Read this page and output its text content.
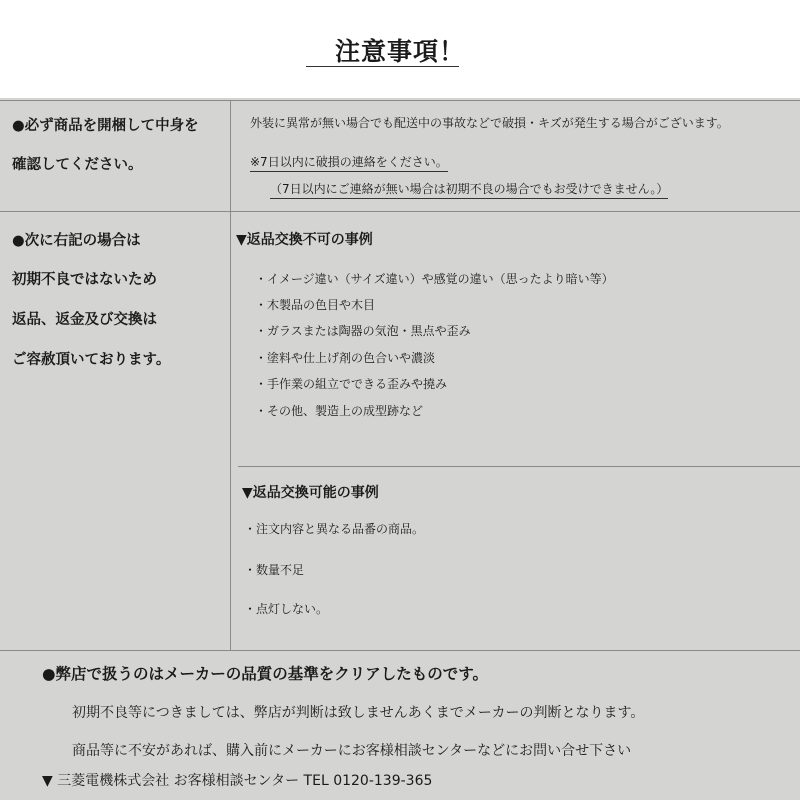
注意事項！
●必ず商品を開梱して中身を
確認してください。
外装に異常が無い場合でも配送中の事故などで破損・キズが発生する場合がございます。
※7日以内に破損の連絡をください。
（7日以内にご連絡が無い場合は初期不良の場合でもお受けできません。）
●次に右記の場合は
初期不良ではないため
返品、返金及び交換は
ご容赦頂いております。
▼返品交換不可の事例
・イメージ違い（サイズ違い）や感覚の違い（思ったより暗い等）
・木製品の色目や木目
・ガラスまたは陶器の気泡・黒点や歪み
・塗料や仕上げ剤の色合いや濃淡
・手作業の組立でできる歪みや撓み
・その他、製造上の成型跡など
▼返品交換可能の事例
・注文内容と異なる品番の商品。
・数量不足
・点灯しない。
●弊店で扱うのはメーカーの品質の基準をクリアしたものです。
初期不良等につきましては、弊店が判断は致しませんあくまでメーカーの判断となります。
商品等に不安があれば、購入前にメーカーにお客様相談センターなどにお問い合せ下さい
▼ 三菱電機株式会社 お客様相談センター TEL 0120-139-365
